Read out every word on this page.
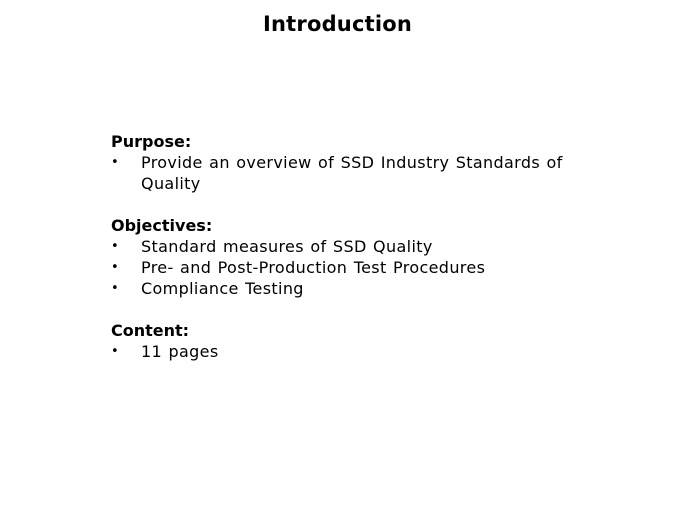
Introduction
Purpose:
• Provide an overview of SSD Industry Standards of Quality
Objectives:
• Standard measures of SSD Quality
• Pre- and Post-Production Test Procedures
• Compliance Testing
Content:
• 11 pages
